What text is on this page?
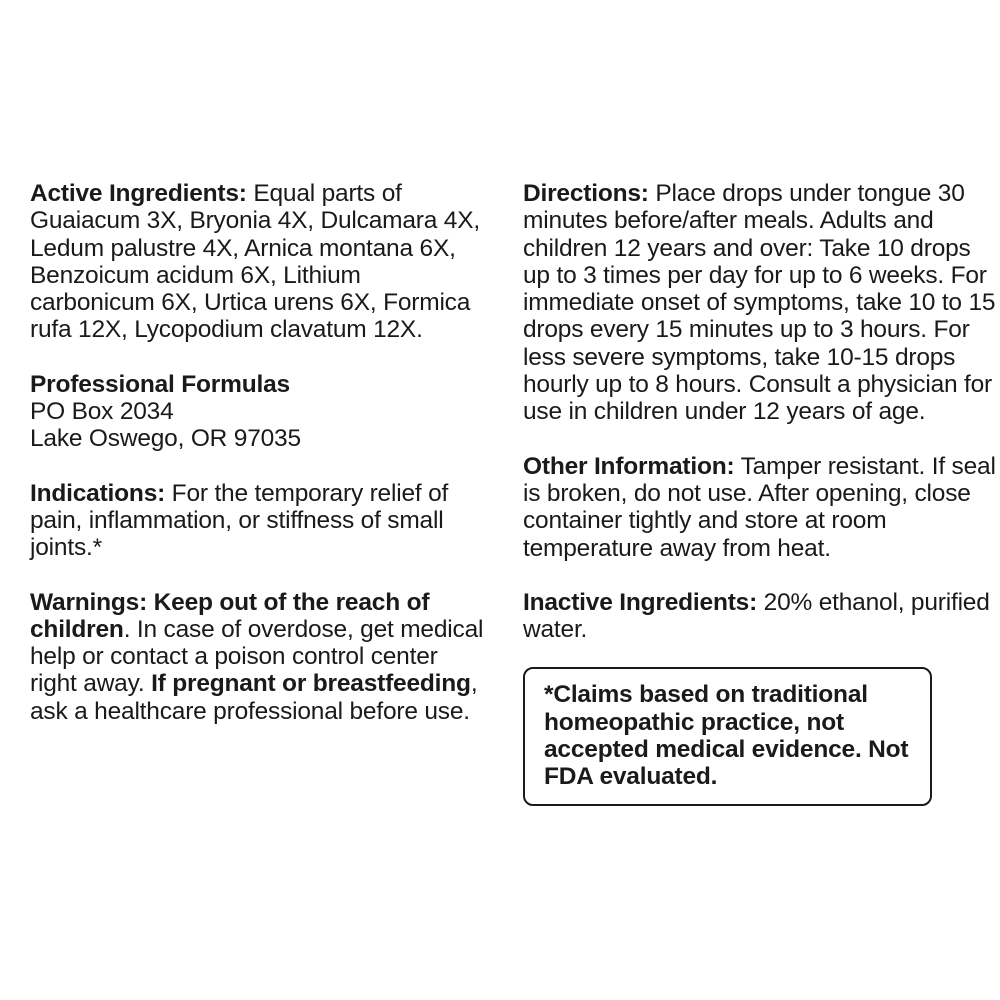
Active Ingredients: Equal parts of Guaiacum 3X, Bryonia 4X, Dulcamara 4X, Ledum palustre 4X, Arnica montana 6X, Benzoicum acidum 6X, Lithium carbonicum 6X, Urtica urens 6X, Formica rufa 12X, Lycopodium clavatum 12X.

Professional Formulas
PO Box 2034
Lake Oswego, OR 97035

Indications: For the temporary relief of pain, inflammation, or stiffness of small joints.*

Warnings: Keep out of the reach of children. In case of overdose, get medical help or contact a poison control center right away. If pregnant or breastfeeding, ask a healthcare professional before use.

Directions: Place drops under tongue 30 minutes before/after meals. Adults and children 12 years and over: Take 10 drops up to 3 times per day for up to 6 weeks. For immediate onset of symptoms, take 10 to 15 drops every 15 minutes up to 3 hours. For less severe symptoms, take 10-15 drops hourly up to 8 hours. Consult a physician for use in children under 12 years of age.

Other Information: Tamper resistant. If seal is broken, do not use. After opening, close container tightly and store at room temperature away from heat.

Inactive Ingredients: 20% ethanol, purified water.

*Claims based on traditional homeopathic practice, not accepted medical evidence. Not FDA evaluated.
